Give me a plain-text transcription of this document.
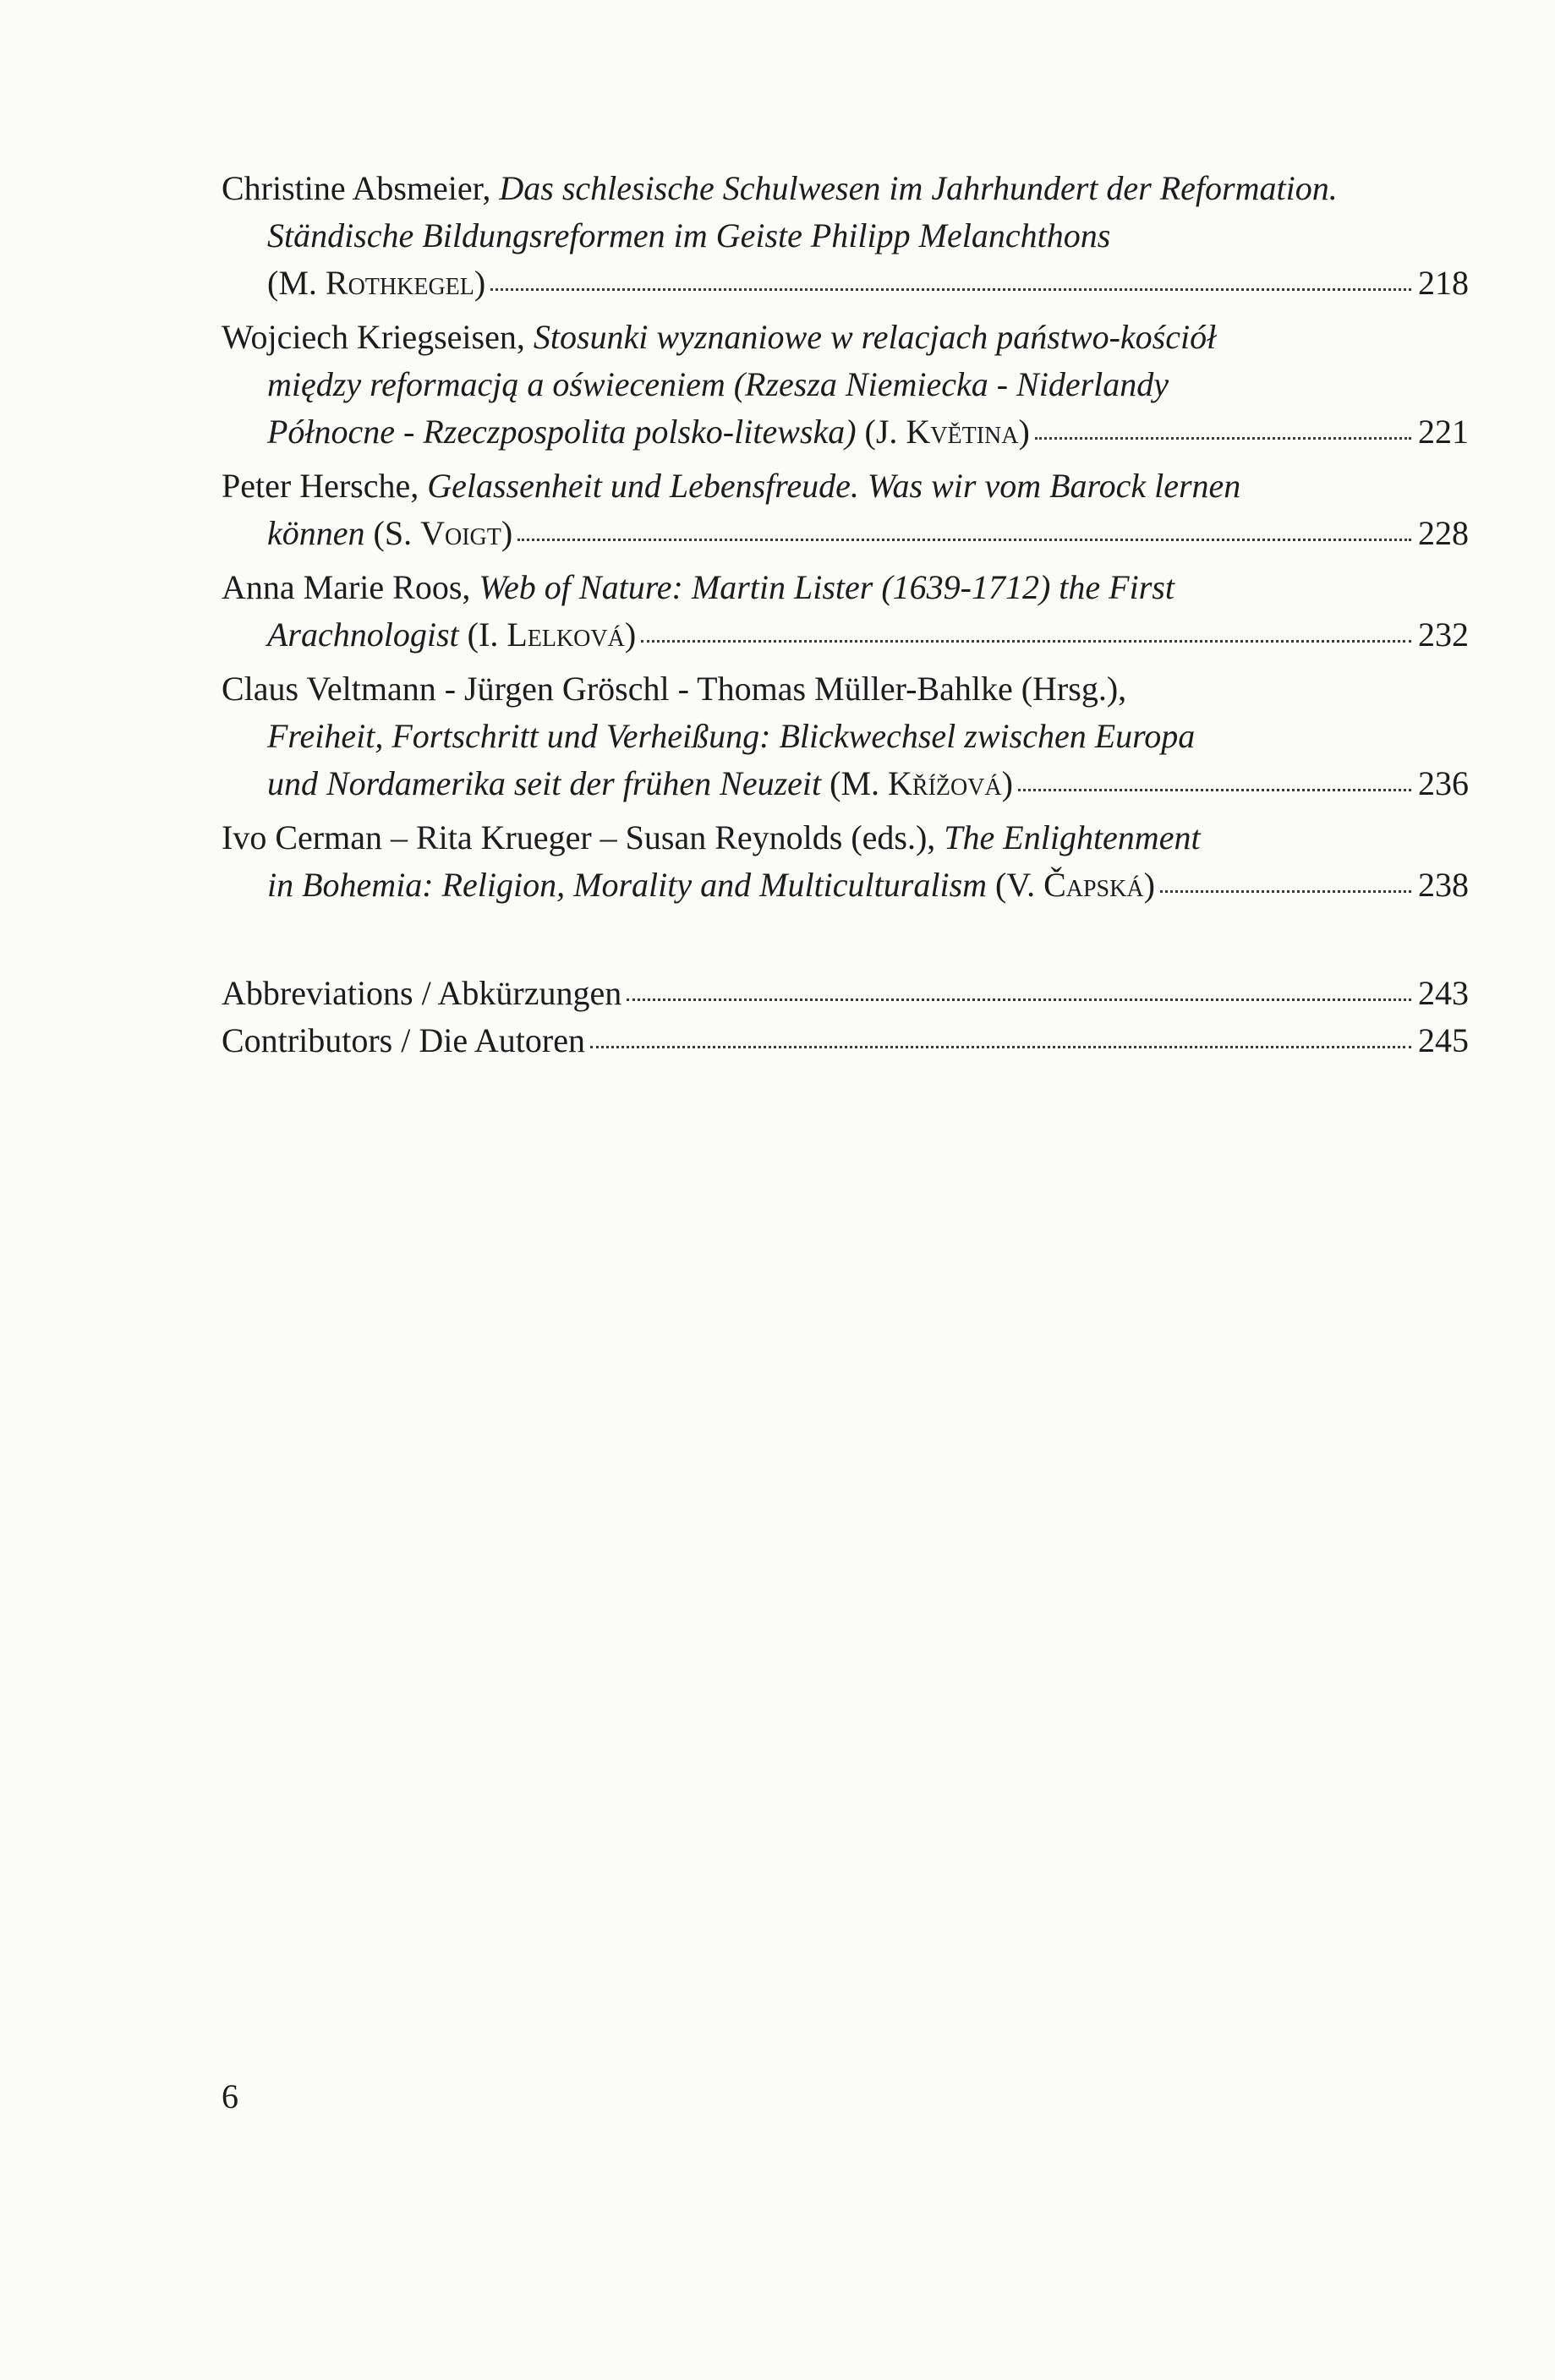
Christine Absmeier, Das schlesische Schulwesen im Jahrhundert der Reformation.
Ständische Bildungsreformen im Geiste Philipp Melanchthons
(M. Rothkegel)	218
Wojciech Kriegseisen, Stosunki wyznaniowe w relacjach państwo-kościół
między reformacją a oświeceniem (Rzesza Niemiecka - Niderlandy
Północne - Rzeczpospolita polsko-litewska) (J. Květina)	221
Peter Hersche, Gelassenheit und Lebensfreude. Was wir vom Barock lernen
können (S. Voigt)	228
Anna Marie Roos, Web of Nature: Martin Lister (1639-1712) the First
Arachnologist (I. Lelková)	232
Claus Veltmann - Jürgen Gröschl - Thomas Müller-Bahlke (Hrsg.),
Freiheit, Fortschritt und Verheißung: Blickwechsel zwischen Europa
und Nordamerika seit der frühen Neuzeit (M. Křížová)	236
Ivo Cerman – Rita Krueger – Susan Reynolds (eds.), The Enlightenment
in Bohemia: Religion, Morality and Multiculturalism (V. Čapská)	238
Abbreviations / Abkürzungen	243
Contributors / Die Autoren	245
6
